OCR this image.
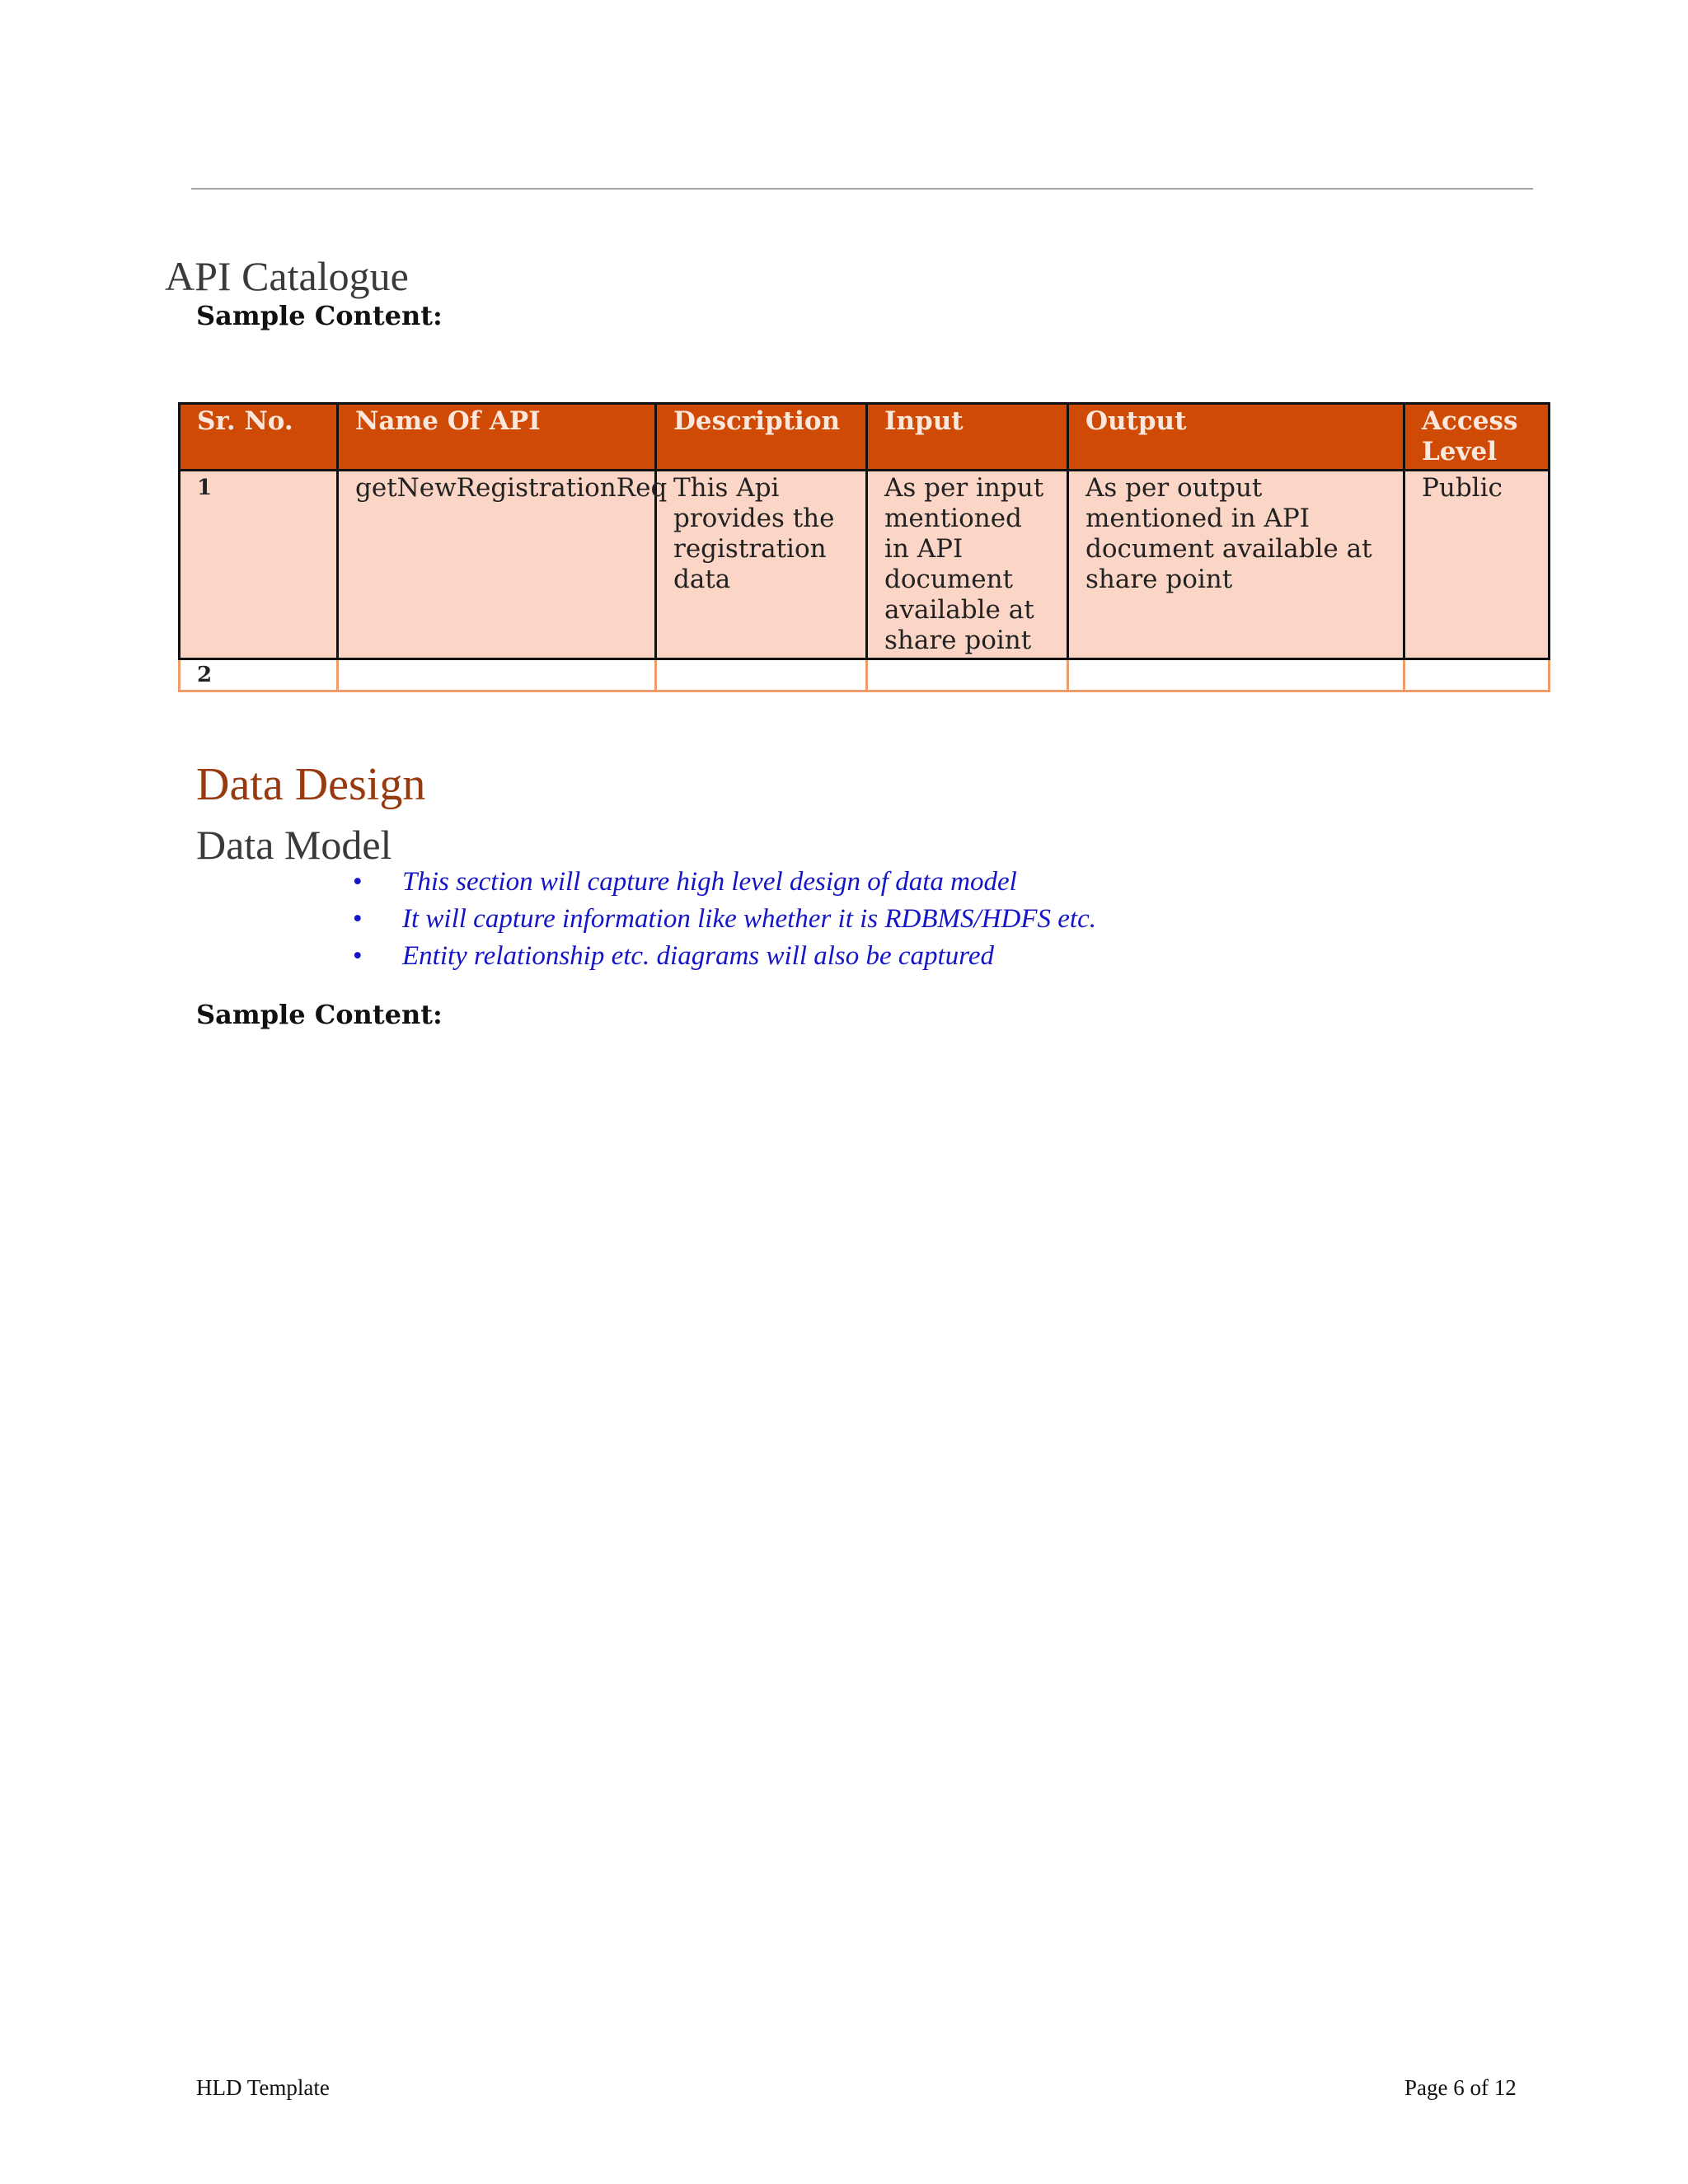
API Catalogue

Sample Content:

Sr. No.	Name Of API	Description	Input	Output	Access Level
1	getNewRegistrationReq	This Api provides the registration data	As per input mentioned in API document available at share point	As per output mentioned in API document available at share point	Public
2					
Data Design
Data Model
• This section will capture high level design of data model
• It will capture information like whether it is RDBMS/HDFS etc.
• Entity relationship etc. diagrams will also be captured

Sample Content:

HLD Template	Page 6 of 12
